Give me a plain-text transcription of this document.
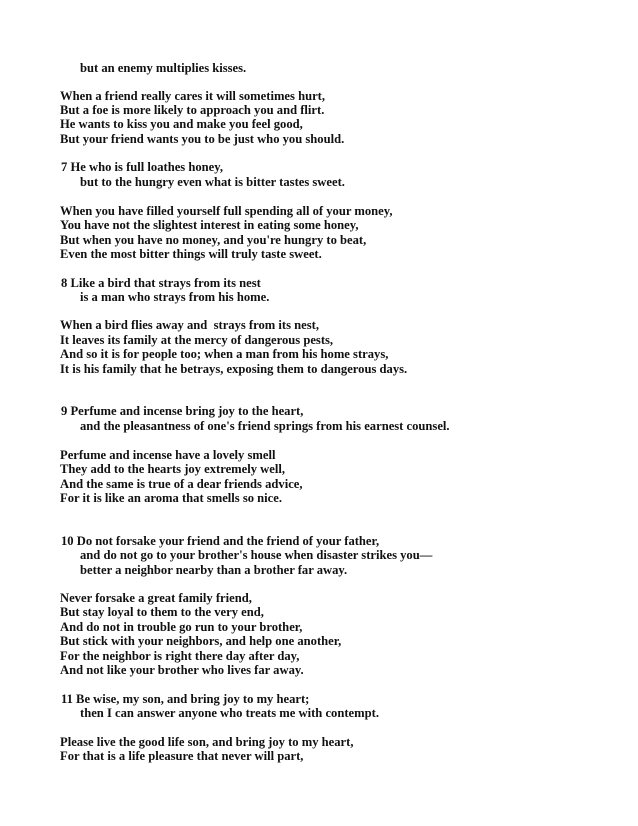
but an enemy multiplies kisses.
When a friend really cares it will sometimes hurt,
But a foe is more likely to approach you and flirt.
He wants to kiss you and make you feel good,
But your friend wants you to be just who you should.
7 He who is full loathes honey,
but to the hungry even what is bitter tastes sweet.
When you have filled yourself full spending all of your money,
You have not the slightest interest in eating some honey,
But when you have no money, and you're hungry to beat,
Even the most bitter things will truly taste sweet.
8 Like a bird that strays from its nest
is a man who strays from his home.
When a bird flies away and  strays from its nest,
It leaves its family at the mercy of dangerous pests,
And so it is for people too; when a man from his home strays,
It is his family that he betrays, exposing them to dangerous days.
9 Perfume and incense bring joy to the heart,
and the pleasantness of one's friend springs from his earnest counsel.
Perfume and incense have a lovely smell
They add to the hearts joy extremely well,
And the same is true of a dear friends advice,
For it is like an aroma that smells so nice.
10 Do not forsake your friend and the friend of your father,
and do not go to your brother's house when disaster strikes you—
better a neighbor nearby than a brother far away.
Never forsake a great family friend,
But stay loyal to them to the very end,
And do not in trouble go run to your brother,
But stick with your neighbors, and help one another,
For the neighbor is right there day after day,
And not like your brother who lives far away.
11 Be wise, my son, and bring joy to my heart;
then I can answer anyone who treats me with contempt.
Please live the good life son, and bring joy to my heart,
For that is a life pleasure that never will part,
